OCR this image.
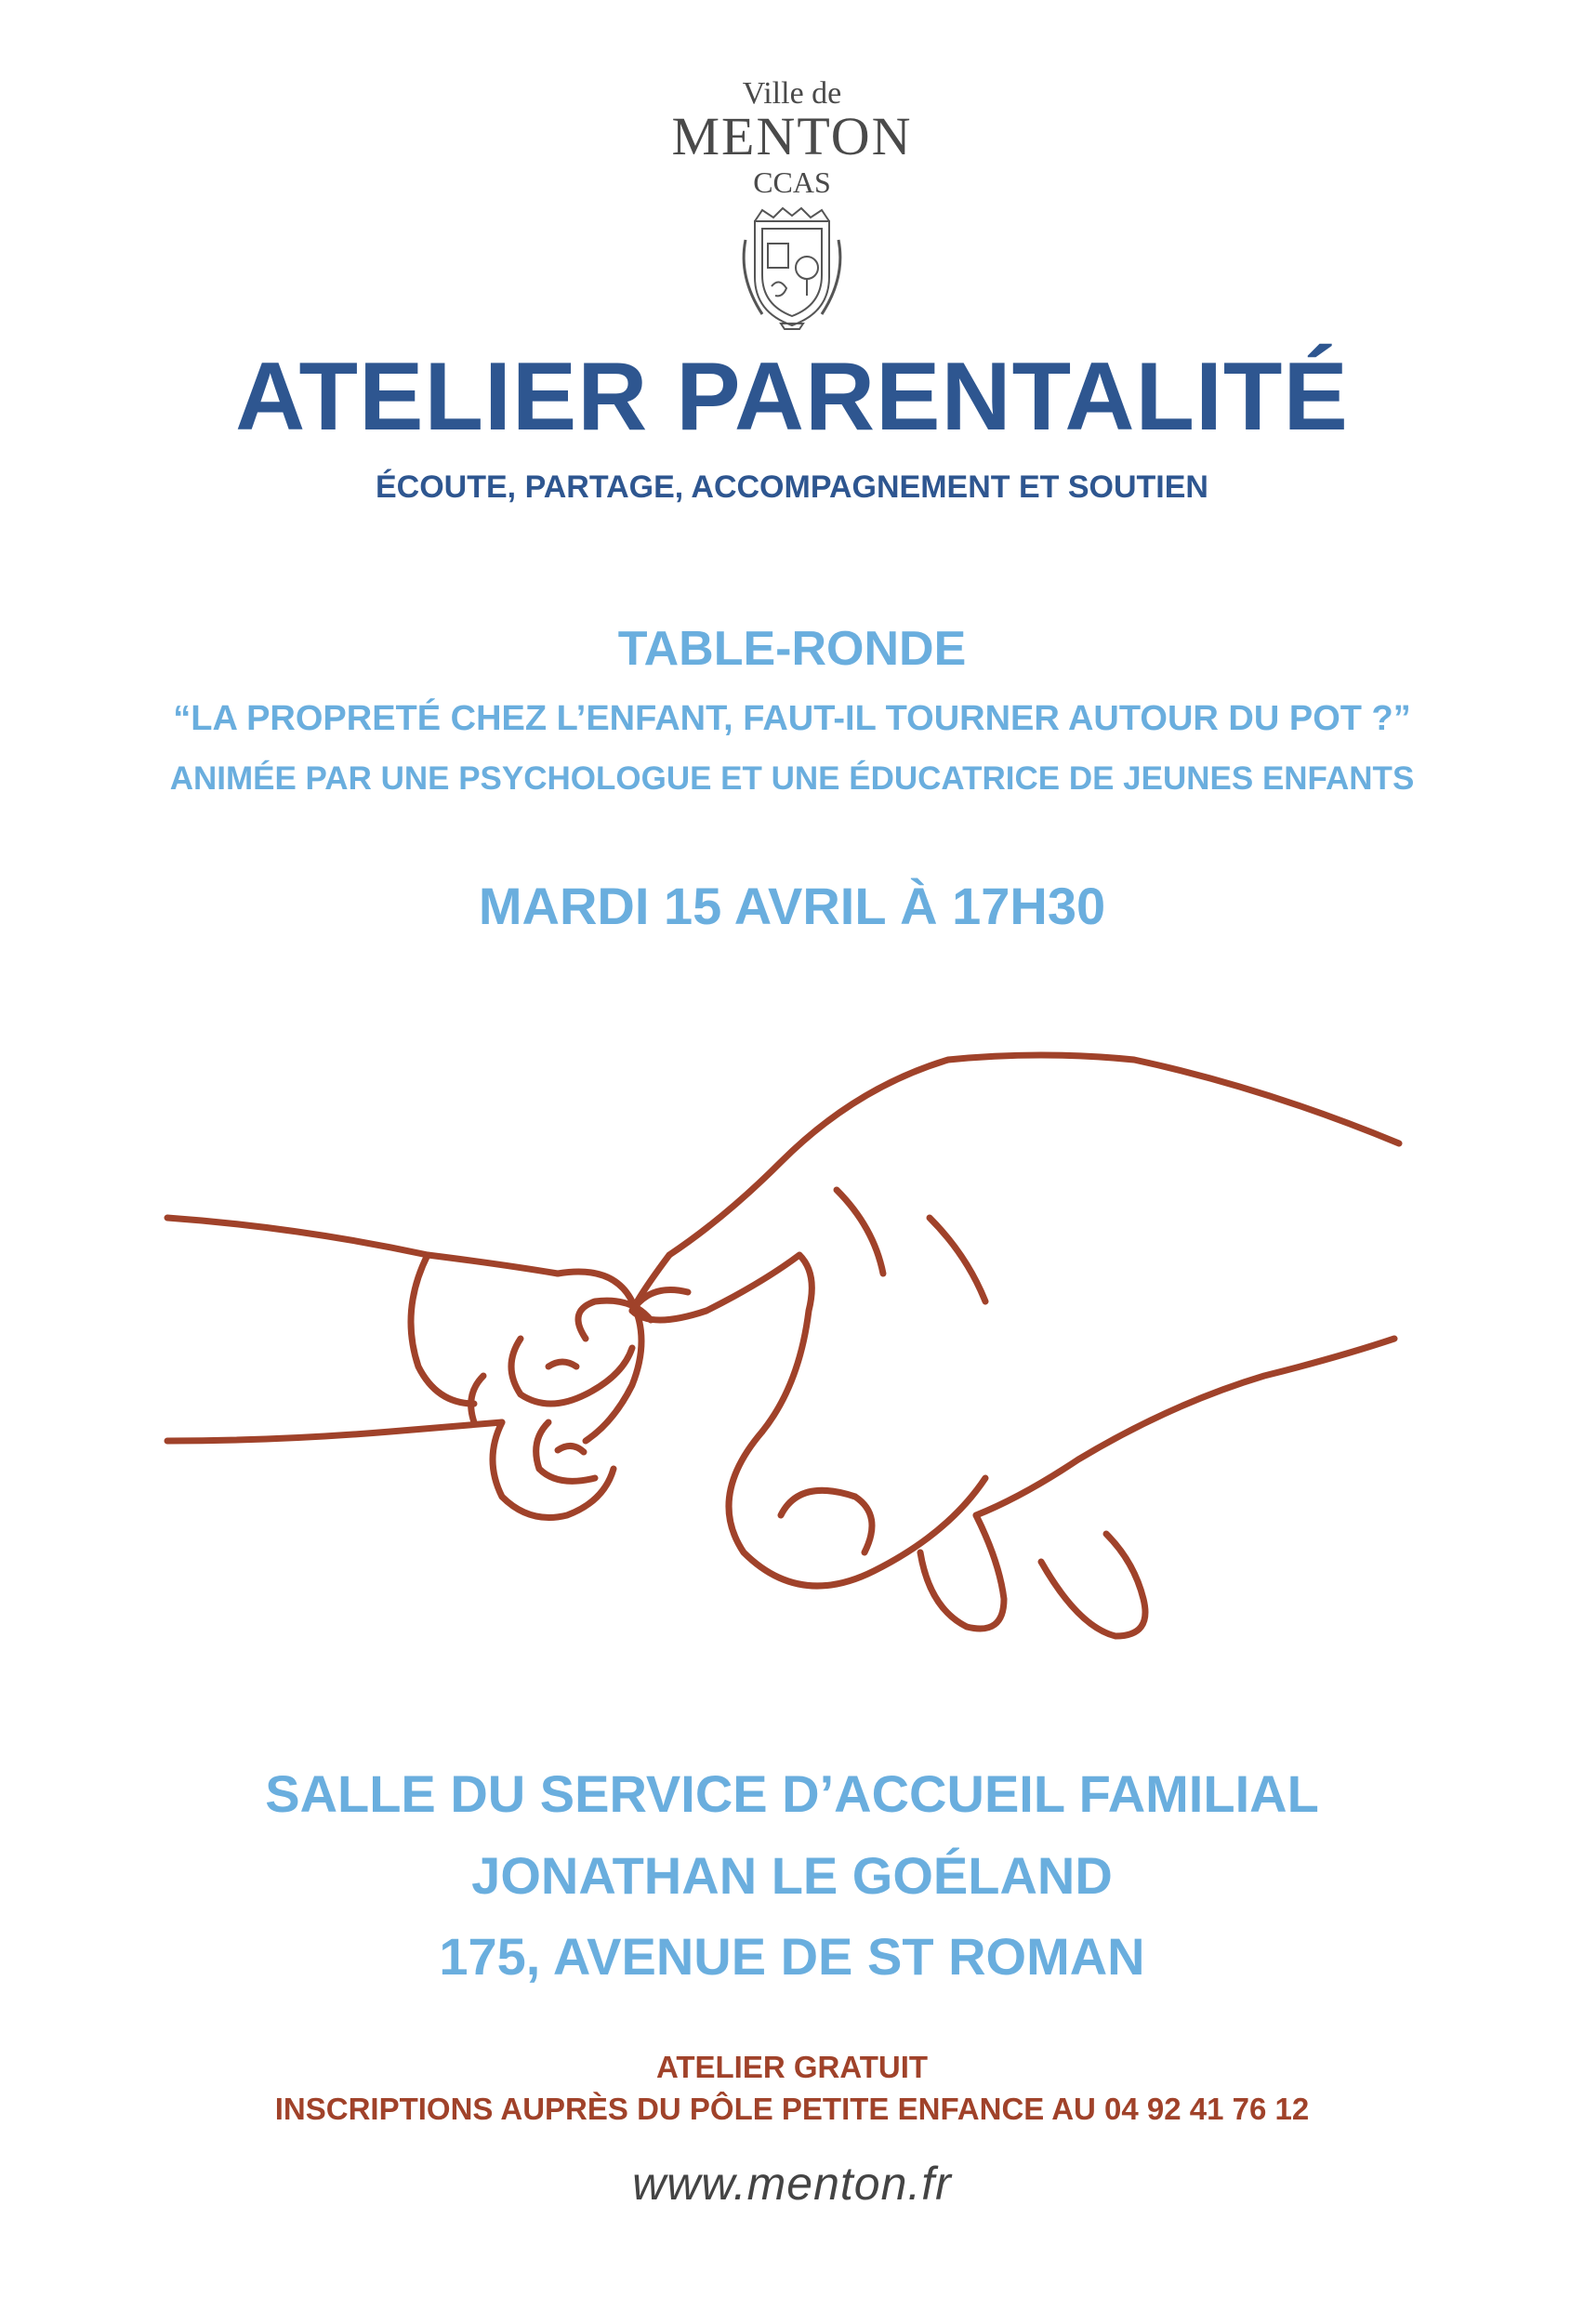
Ville de
MENTON
CCAS
ATELIER PARENTALITÉ
ÉCOUTE, PARTAGE, ACCOMPAGNEMENT ET SOUTIEN
TABLE-RONDE
“LA PROPRETÉ CHEZ L’ENFANT, FAUT-IL TOURNER AUTOUR DU POT ?”
ANIMÉE PAR UNE PSYCHOLOGUE ET UNE ÉDUCATRICE DE JEUNES ENFANTS
MARDI 15 AVRIL À 17H30
SALLE DU SERVICE D’ACCUEIL FAMILIAL
JONATHAN LE GOÉLAND
175, AVENUE DE ST ROMAN
ATELIER GRATUIT
INSCRIPTIONS AUPRÈS DU PÔLE PETITE ENFANCE AU 04 92 41 76 12
www.menton.fr
